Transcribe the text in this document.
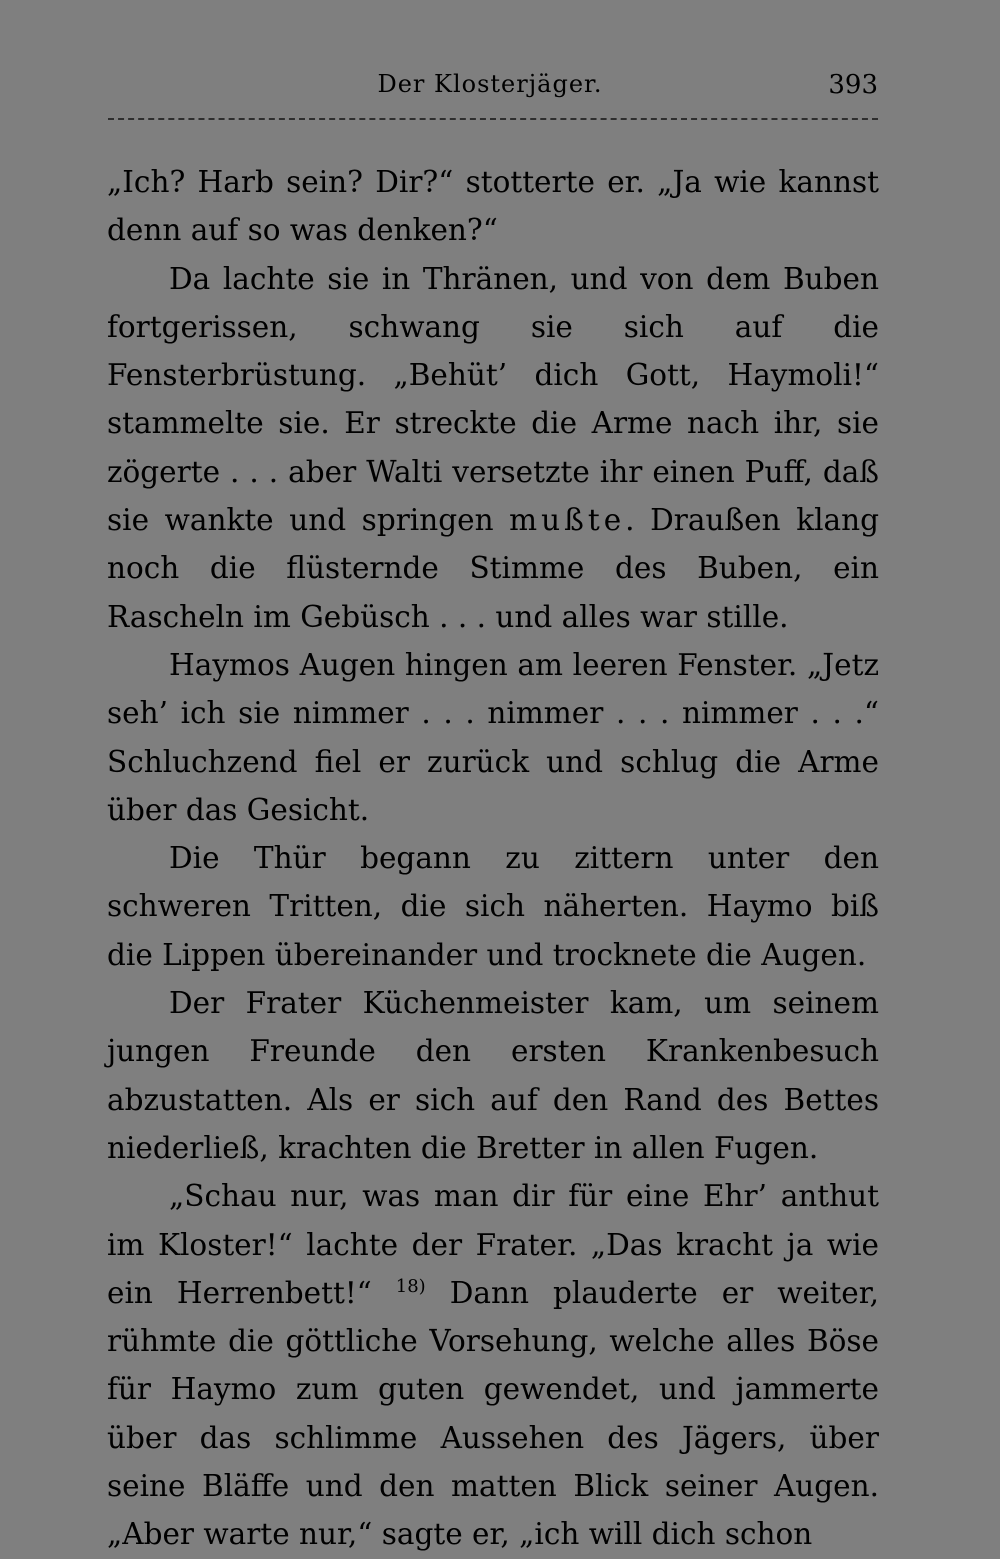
Der Klosterjäger.	393

„Ich? Harb sein? Dir?“ stotterte er. „Ja wie kannst denn auf so was denken?“

Da lachte sie in Thränen, und von dem Buben fortgerissen, schwang sie sich auf die Fensterbrüstung. „Behüt’ dich Gott, Haymoli!“ stammelte sie. Er streckte die Arme nach ihr, sie zögerte . . . aber Walti versetzte ihr einen Puff, daß sie wankte und springen mußte. Draußen klang noch die flüsternde Stimme des Buben, ein Rascheln im Gebüsch . . . und alles war stille.

Haymos Augen hingen am leeren Fenster. „Jetz seh’ ich sie nimmer . . . nimmer . . . nimmer . . .“ Schluchzend fiel er zurück und schlug die Arme über das Gesicht.

Die Thür begann zu zittern unter den schweren Tritten, die sich näherten. Haymo biß die Lippen übereinander und trocknete die Augen.

Der Frater Küchenmeister kam, um seinem jungen Freunde den ersten Krankenbesuch abzustatten. Als er sich auf den Rand des Bettes niederließ, krachten die Bretter in allen Fugen.

„Schau nur, was man dir für eine Ehr’ anthut im Kloster!“ lachte der Frater. „Das kracht ja wie ein Herrenbett!“ $^{18)}$ Dann plauderte er weiter, rühmte die göttliche Vorsehung, welche alles Böse für Haymo zum guten gewendet, und jammerte über das schlimme Aussehen des Jägers, über seine Bläffe und den matten Blick seiner Augen. „Aber warte nur,“ sagte er, „ich will dich schon
